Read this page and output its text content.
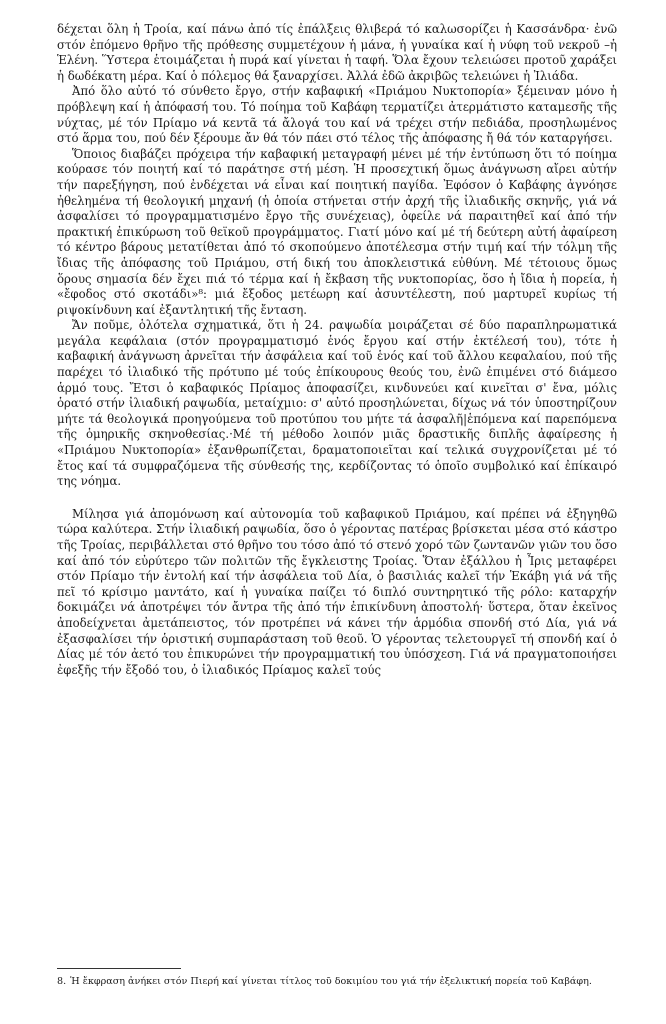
δέχεται ὅλη ἡ Τροία, καί πάνω ἀπό τίς ἐπάλξεις θλιβερά τό καλωσορίζει ἡ Κασσάνδρα· ἐνῶ στόν ἐπόμενο θρῆνο τῆς πρόθεσης συμμετέχουν ἡ μάνα, ἡ γυναίκα καί ἡ νύφη τοῦ νεκροῦ –ἡ Ἑλένη. Ὕστερα ἑτοιμάζεται ἡ πυρά καί γίνεται ἡ ταφή. Ὅλα ἔχουν τελειώσει προτοῦ χαράξει ἡ δωδέκατη μέρα. Καί ὁ πόλεμος θά ξαναρχίσει. Ἀλλά ἐδῶ ἀκριβῶς τελειώνει ἡ Ἰλιάδα.

Ἀπό ὅλο αὐτό τό σύνθετο ἔργο, στήν καβαφική «Πριάμου Νυκτοπορία» ξέμειναν μόνο ἡ πρόβλεψη καί ἡ ἀπόφασή του. Τό ποίημα τοῦ Καβάφη τερματίζει ἀτερμάτιστο καταμεσῆς τῆς νύχτας, μέ τόν Πρίαμο νά κεντᾶ τά ἄλογά του καί νά τρέχει στήν πεδιάδα, προσηλωμένος στό ἅρμα του, πού δέν ξέρουμε ἄν θά τόν πάει στό τέλος τῆς ἀπόφασης ἤ θά τόν καταργήσει.

Ὅποιος διαβάζει πρόχειρα τήν καβαφική μεταγραφή μένει μέ τήν ἐντύπωση ὅτι τό ποίημα κούρασε τόν ποιητή καί τό παράτησε στή μέση. Ἡ προσεχτική ὅμως ἀνάγνωση αἴρει αὐτήν τήν παρεξήγηση, πού ἐνδέχεται νά εἶναι καί ποιητική παγίδα. Ἐφόσον ὁ Καβάφης ἀγνόησε ἠθελημένα τή θεολογική μηχανή (ἡ ὁποία στήνεται στήν ἀρχή τῆς ἰλιαδικῆς σκηνῆς, γιά νά ἀσφαλίσει τό προγραμματισμένο ἔργο τῆς συνέχειας), ὀφείλε νά παραιτηθεῖ καί ἀπό τήν πρακτική ἐπικύρωση τοῦ θεϊκοῦ προγράμματος. Γιατί μόνο καί μέ τή δεύτερη αὐτή ἀφαίρεση τό κέντρο βάρους μετατίθεται ἀπό τό σκοπούμενο ἀποτέλεσμα στήν τιμή καί τήν τόλμη τῆς ἴδιας τῆς ἀπόφασης τοῦ Πριάμου, στή δική του ἀποκλειστικά εὐθύνη. Μέ τέτοιους ὅμως ὅρους σημασία δέν ἔχει πιά τό τέρμα καί ἡ ἔκβαση τῆς νυκτοπορίας, ὅσο ἡ ἴδια ἡ πορεία, ἡ «ἔφοδος στό σκοτάδι»⁸: μιά ἔξοδος μετέωρη καί ἀσυντέλεστη, πού μαρτυρεῖ κυρίως τή ριψοκίνδυνη καί ἐξαντλητική τῆς ἔνταση.

Ἄν ποῦμε, ὁλότελα σχηματικά, ὅτι ἡ 24. ραψωδία μοιράζεται σέ δύο παραπληρωματικά μεγάλα κεφάλαια (στόν προγραμματισμό ἑνός ἔργου καί στήν ἐκτέλεσή του), τότε ἡ καβαφική ἀνάγνωση ἀρνεῖται τήν ἀσφάλεια καί τοῦ ἑνός καί τοῦ ἄλλου κεφαλαίου, πού τῆς παρέχει τό ἰλιαδικό τῆς πρότυπο μέ τούς ἐπίκουρους θεούς του, ἐνῶ ἐπιμένει στό διάμεσο ἁρμό τους. Ἔτσι ὁ καβαφικός Πρίαμος ἀποφασίζει, κινδυνεύει καί κινεῖται σ' ἔνα, μόλις ὁρατό στήν ἰλιαδική ραψωδία, μεταίχμιο: σ' αὐτό προσηλώνεται, δίχως νά τόν ὑποστηρίζουν μήτε τά θεολογικά προηγούμενα τοῦ προτύπου του μήτε τά ἀσφαλῆ|ἑπόμενα καί παρεπόμενα τῆς ὁμηρικῆς σκηνοθεσίας.·Μέ τή μέθοδο λοιπόν μιᾶς δραστικῆς διπλῆς ἀφαίρεσης ἡ «Πριάμου Νυκτοπορία» ἐξανθρωπίζεται, δραματοποιεῖται καί τελικά συγχρονίζεται μέ τό ἔτος καί τά συμφραζόμενα τῆς σύνθεσής της, κερδίζοντας τό ὁποῖο συμβολικό καί ἐπίκαιρό της νόημα.

Μίλησα γιά ἀπομόνωση καί αὐτονομία τοῦ καβαφικοῦ Πριάμου, καί πρέπει νά ἐξηγηθῶ τώρα καλύτερα. Στήν ἰλιαδική ραψωδία, ὅσο ὁ γέροντας πατέρας βρίσκεται μέσα στό κάστρο τῆς Τροίας, περιβάλλεται στό θρῆνο του τόσο ἀπό τό στενό χορό τῶν ζωντανῶν γιῶν του ὅσο καί ἀπό τόν εὐρύτερο τῶν πολιτῶν τῆς ἔγκλειστης Τροίας. Ὅταν ἐξάλλου ἡ Ἶρις μεταφέρει στόν Πρίαμο τήν ἐντολή καί τήν ἀσφάλεια τοῦ Δία, ὁ βασιλιάς καλεῖ τήν Ἑκάβη γιά νά τῆς πεῖ τό κρίσιμο μαντάτο, καί ἡ γυναίκα παίζει τό διπλό συντηρητικό τῆς ρόλο: καταρχήν δοκιμάζει νά ἀποτρέψει τόν ἄντρα τῆς ἀπό τήν ἐπικίνδυνη ἀποστολή· ὕστερα, ὅταν ἐκεῖνος ἀποδείχνεται ἀμετάπειστος, τόν προτρέπει νά κάνει τήν ἁρμόδια σπονδή στό Δία, γιά νά ἐξασφαλίσει τήν ὁριστική συμπαράσταση τοῦ θεοῦ. Ὁ γέροντας τελετουργεῖ τή σπονδή καί ὁ Δίας μέ τόν ἀετό του ἐπικυρώνει τήν προγραμματική του ὑπόσχεση. Γιά νά πραγματοποιήσει ἐφεξῆς τήν ἔξοδό του, ὁ ἰλιαδικός Πρίαμος καλεῖ τούς

8. Ἡ ἔκφραση ἀνήκει στόν Πιερή καί γίνεται τίτλος τοῦ δοκιμίου του γιά τήν ἐξελικτική πορεία τοῦ Καβάφη.
